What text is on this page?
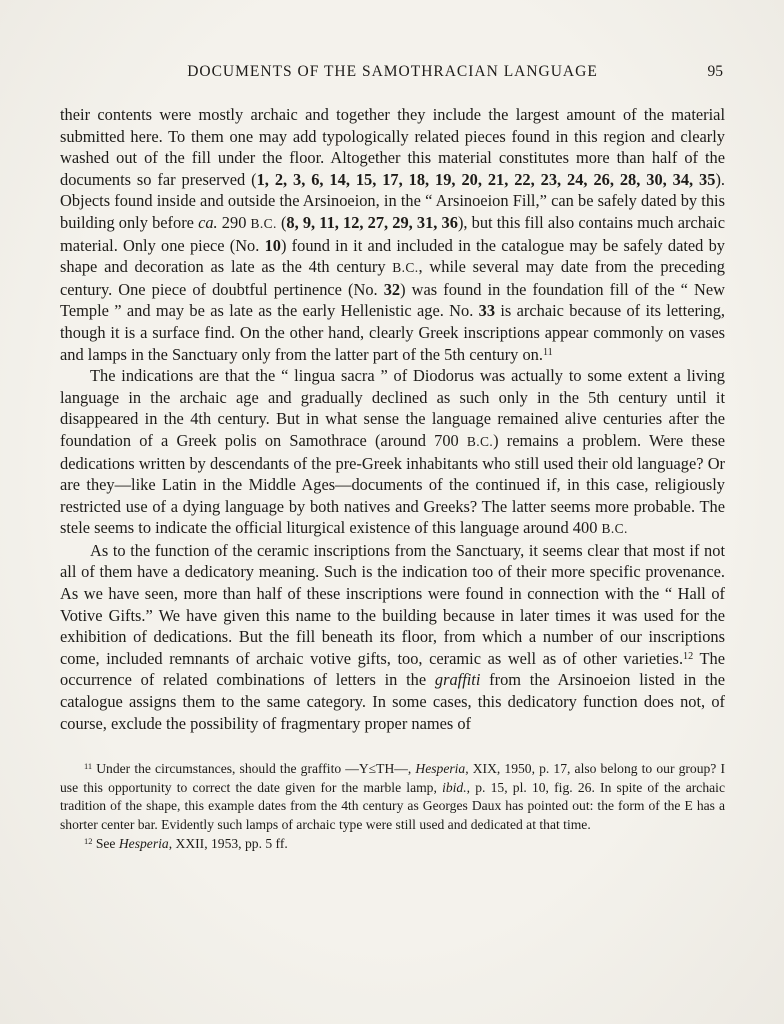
DOCUMENTS OF THE SAMOTHRACIAN LANGUAGE	95

their contents were mostly archaic and together they include the largest amount of the material submitted here. To them one may add typologically related pieces found in this region and clearly washed out of the fill under the floor. Altogether this material constitutes more than half of the documents so far preserved (1, 2, 3, 6, 14, 15, 17, 18, 19, 20, 21, 22, 23, 24, 26, 28, 30, 34, 35). Objects found inside and outside the Arsinoeion, in the “ Arsinoeion Fill,” can be safely dated by this building only before ca. 290 B.C. (8, 9, 11, 12, 27, 29, 31, 36), but this fill also contains much archaic material. Only one piece (No. 10) found in it and included in the catalogue may be safely dated by shape and decoration as late as the 4th century B.C., while several may date from the preceding century. One piece of doubtful pertinence (No. 32) was found in the foundation fill of the “ New Temple ” and may be as late as the early Hellenistic age. No. 33 is archaic because of its lettering, though it is a surface find. On the other hand, clearly Greek inscriptions appear commonly on vases and lamps in the Sanctuary only from the latter part of the 5th century on.$^{11}$

The indications are that the “ lingua sacra ” of Diodorus was actually to some extent a living language in the archaic age and gradually declined as such only in the 5th century until it disappeared in the 4th century. But in what sense the language remained alive centuries after the foundation of a Greek polis on Samothrace (around 700 B.C.) remains a problem. Were these dedications written by descendants of the pre-Greek inhabitants who still used their old language? Or are they—like Latin in the Middle Ages—documents of the continued if, in this case, religiously restricted use of a dying language by both natives and Greeks? The latter seems more probable. The stele seems to indicate the official liturgical existence of this language around 400 B.C.

As to the function of the ceramic inscriptions from the Sanctuary, it seems clear that most if not all of them have a dedicatory meaning. Such is the indication too of their more specific provenance. As we have seen, more than half of these inscriptions were found in connection with the “ Hall of Votive Gifts.” We have given this name to the building because in later times it was used for the exhibition of dedications. But the fill beneath its floor, from which a number of our inscriptions come, included remnants of archaic votive gifts, too, ceramic as well as of other varieties.$^{12}$ The occurrence of related combinations of letters in the graffiti from the Arsinoeion listed in the catalogue assigns them to the same category. In some cases, this dedicatory function does not, of course, exclude the possibility of fragmentary proper names of

$^{11}$ Under the circumstances, should the graffito —Y≤TH—, Hesperia, XIX, 1950, p. 17, also belong to our group? I use this opportunity to correct the date given for the marble lamp, ibid., p. 15, pl. 10, fig. 26. In spite of the archaic tradition of the shape, this example dates from the 4th century as Georges Daux has pointed out: the form of the E has a shorter center bar. Evidently such lamps of archaic type were still used and dedicated at that time.

$^{12}$ See Hesperia, XXII, 1953, pp. 5 ff.
